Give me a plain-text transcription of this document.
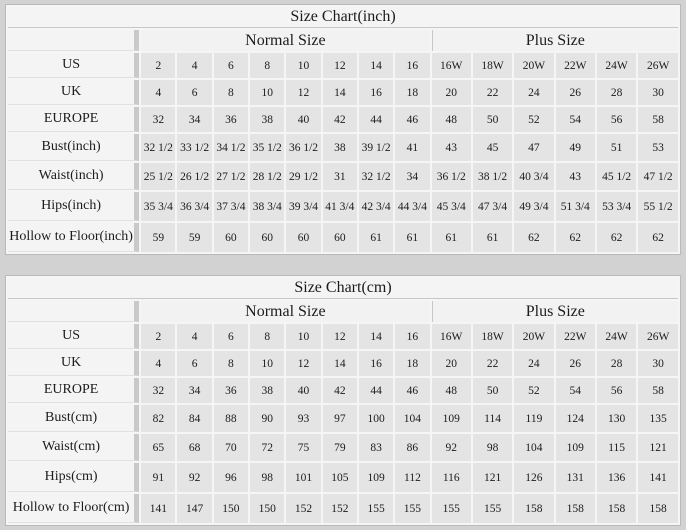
Size Chart(inch)														
	Normal Size								Plus Size					
US	2	4	6	8	10	12	14	16	16W	18W	20W	22W	24W	26W
UK	4	6	8	10	12	14	16	18	20	22	24	26	28	30
EUROPE	32	34	36	38	40	42	44	46	48	50	52	54	56	58
Bust(inch)	32 1/2	33 1/2	34 1/2	35 1/2	36 1/2	38	39 1/2	41	43	45	47	49	51	53
Waist(inch)	25 1/2	26 1/2	27 1/2	28 1/2	29 1/2	31	32 1/2	34	36 1/2	38 1/2	40 3/4	43	45 1/2	47 1/2
Hips(inch)	35 3/4	36 3/4	37 3/4	38 3/4	39 3/4	41 3/4	42 3/4	44 3/4	45 3/4	47 3/4	49 3/4	51 3/4	53 3/4	55 1/2
Hollow to Floor(inch)	59	59	60	60	60	60	61	61	61	61	62	62	62	62
Size Chart(cm)														
	Normal Size								Plus Size					
US	2	4	6	8	10	12	14	16	16W	18W	20W	22W	24W	26W
UK	4	6	8	10	12	14	16	18	20	22	24	26	28	30
EUROPE	32	34	36	38	40	42	44	46	48	50	52	54	56	58
Bust(cm)	82	84	88	90	93	97	100	104	109	114	119	124	130	135
Waist(cm)	65	68	70	72	75	79	83	86	92	98	104	109	115	121
Hips(cm)	91	92	96	98	101	105	109	112	116	121	126	131	136	141
Hollow to Floor(cm)	141	147	150	150	152	152	155	155	155	155	158	158	158	158
